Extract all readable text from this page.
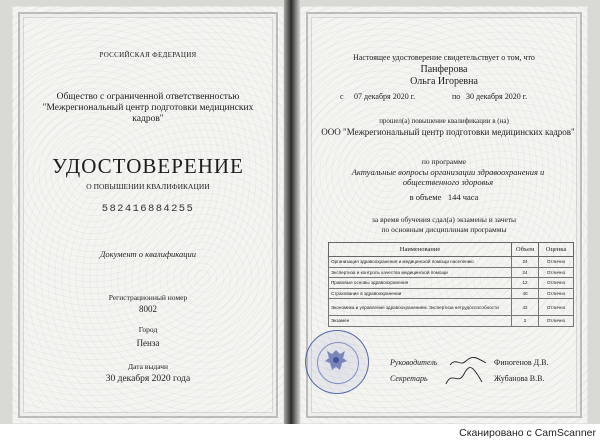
РОССИЙСКАЯ ФЕДЕРАЦИЯ
Общество с ограниченной ответственностью "Межрегиональный центр подготовки медицинских кадров"
УДОСТОВЕРЕНИЕ
О ПОВЫШЕНИИ КВАЛИФИКАЦИИ
582416884255
Документ о квалификации
Регистрационный номер
8002
Город
Пенза
Дата выдачи
30 декабря 2020 года
Настоящее удостоверение свидетельствует о том, что
Панферова
Ольга Игоревна
с 07 декабря 2020 г.	по 30 декабря 2020 г.
прошел(а) повышение квалификации в (на)
ООО "Межрегиональный центр подготовки медицинских кадров"
по программе
Актуальные вопросы организации здравоохранения и общественного здоровья
в объеме 144 часа
за время обучения сдал(а) экзамены и зачеты
по основным дисциплинам программы
Наименование	Объем	Оценка
Организация здравоохранения и медицинской помощи населению	24	Отлично
Экспертиза и контроль качества медицинской помощи	24	Отлично
Правовые основы здравоохранения	12	Отлично
Страхование в здравоохранении	40	Отлично
Экономика и управление здравоохранением. Экспертиза нетрудоспособности	42	Отлично
Экзамен	2	Отлично
Руководитель	Финогенов Д.В.
Секретарь	Жубанова В.В.
Сканировано с CamScanner
